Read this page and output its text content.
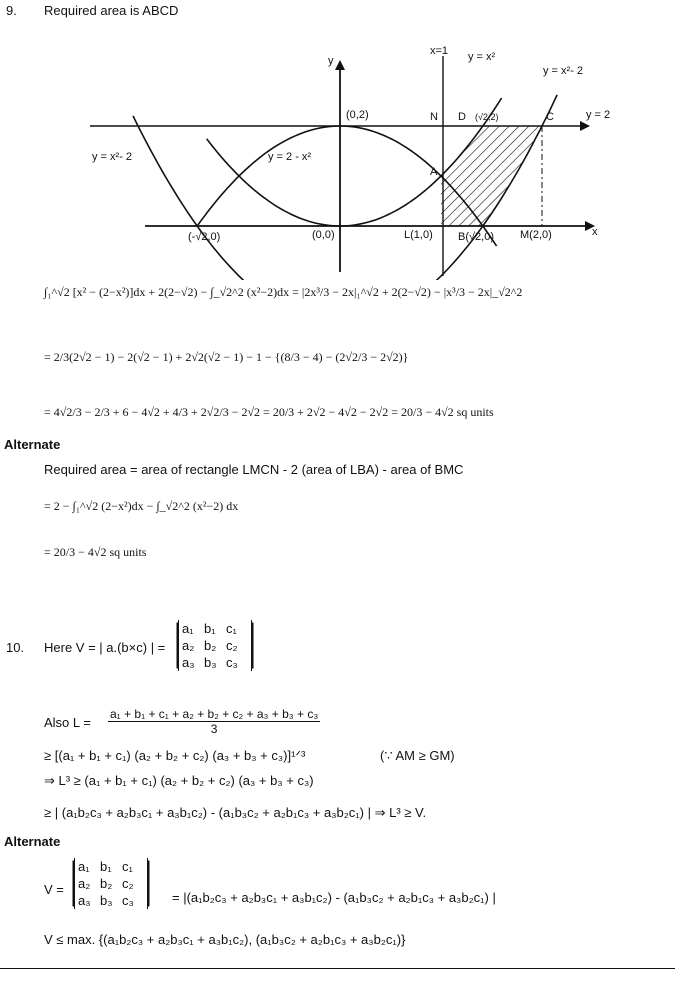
9. Required area is ABCD
y
x
x=1 y = x²
y = x²- 2
y = 2
y = x²- 2	y = 2 - x²
(0,2)	N D (√2,2)	C
A
(-√2,0)	(0,0)	L(1,0) B(√2,0) M(2,0)
∫₁^√2 [x² − (2−x²)]dx + 2(2−√2) − ∫_√2^2 (x²−2)dx = |2x³/3 − 2x|₁^√2 + 2(2−√2) − |x³/3 − 2x|_√2^2
= 2/3(2√2 − 1) − 2(√2 − 1) + 2√2(√2 − 1) − 1 − {(8/3 − 4) − (2√2/3 − 2√2)}
= 4√2/3 − 2/3 + 6 − 4√2 + 4/3 + 2√2/3 − 2√2 = 20/3 + 2√2 − 4√2 − 2√2 = 20/3 − 4√2 sq units
Alternate
Required area = area of rectangle LMCN - 2 (area of LBA) - area of BMC
= 2 − ∫₁^√2 (2−x²)dx − ∫_√2^2 (x²−2) dx
= 20/3 − 4√2 sq units
10. Here V = | a.(b×c) | =
a₁ b₁ c₁
a₂ b₂ c₂
a₃ b₃ c₃
Also $L = \frac{\text{a₁ + b₁ + c₁ + a₂ + b₂ + c₂ + a₃ + b₃ + c₃}}{3}$
≥ [(a₁ + b₁ + c₁) (a₂ + b₂ + c₂) (a₃ + b₃ + c₃)]¹ᐟ³	(∵ AM ≥ GM)
⇒ L³ ≥ (a₁ + b₁ + c₁) (a₂ + b₂ + c₂) (a₃ + b₃ + c₃)
≥ | (a₁b₂c₃ + a₂b₃c₁ + a₃b₁c₂) - (a₁b₃c₂ + a₂b₁c₃ + a₃b₂c₁) | ⇒ L³ ≥ V.
Alternate
V =
a₁ b₁ c₁
a₂ b₂ c₂
a₃ b₃ c₃	= |(a₁b₂c₃ + a₂b₃c₁ + a₃b₁c₂) - (a₁b₃c₂ + a₂b₁c₃ + a₃b₂c₁) |
V ≤ max. {(a₁b₂c₃ + a₂b₃c₁ + a₃b₁c₂), (a₁b₃c₂ + a₂b₁c₃ + a₃b₂c₁)}
